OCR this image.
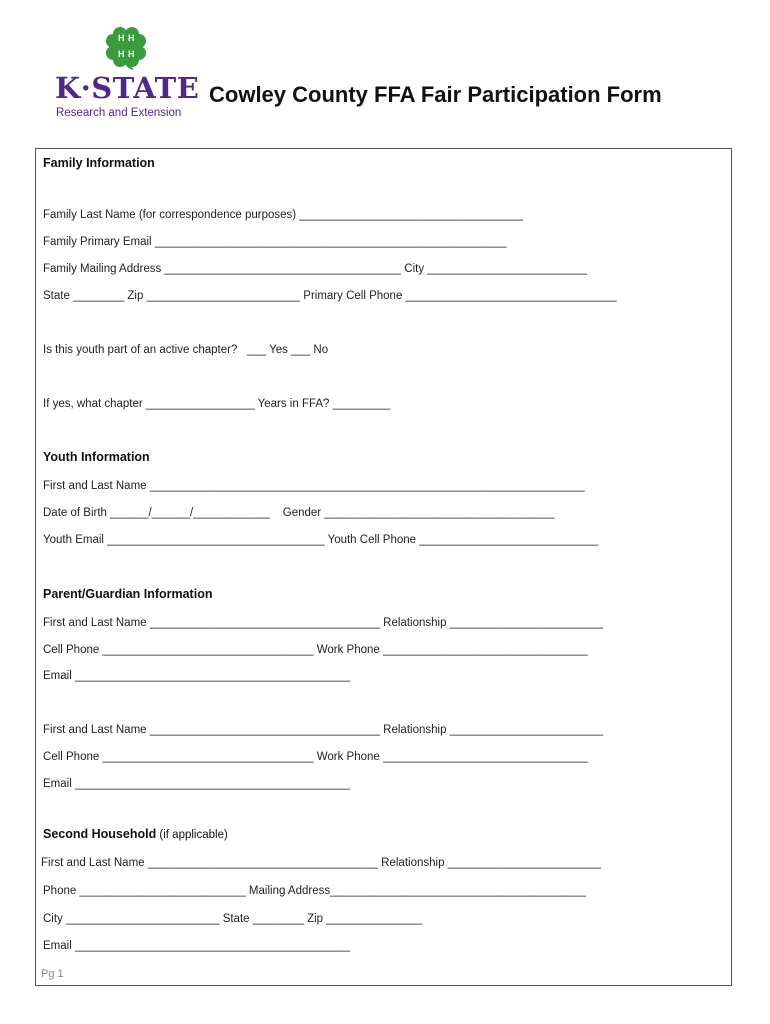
H H
H H
K·STATE
Research and Extension
Cowley County FFA Fair Participation Form
Family Information
Family Last Name (for correspondence purposes) ___________________________________
Family Primary Email _______________________________________________________
Family Mailing Address _____________________________________ City _________________________
State ________ Zip ________________________ Primary Cell Phone _________________________________
Is this youth part of an active chapter?   ___ Yes ___ No
If yes, what chapter _________________ Years in FFA? _________
Youth Information
First and Last Name ____________________________________________________________________
Date of Birth ______/______/____________    Gender ____________________________________
Youth Email __________________________________ Youth Cell Phone ____________________________
Parent/Guardian Information
First and Last Name ____________________________________ Relationship ________________________
Cell Phone _________________________________ Work Phone ________________________________
Email ___________________________________________
First and Last Name ____________________________________ Relationship ________________________
Cell Phone _________________________________ Work Phone ________________________________
Email ___________________________________________
Second Household (if applicable)
First and Last Name ____________________________________ Relationship ________________________
Phone __________________________ Mailing Address________________________________________
City ________________________ State ________ Zip _______________
Email ___________________________________________
Pg 1
